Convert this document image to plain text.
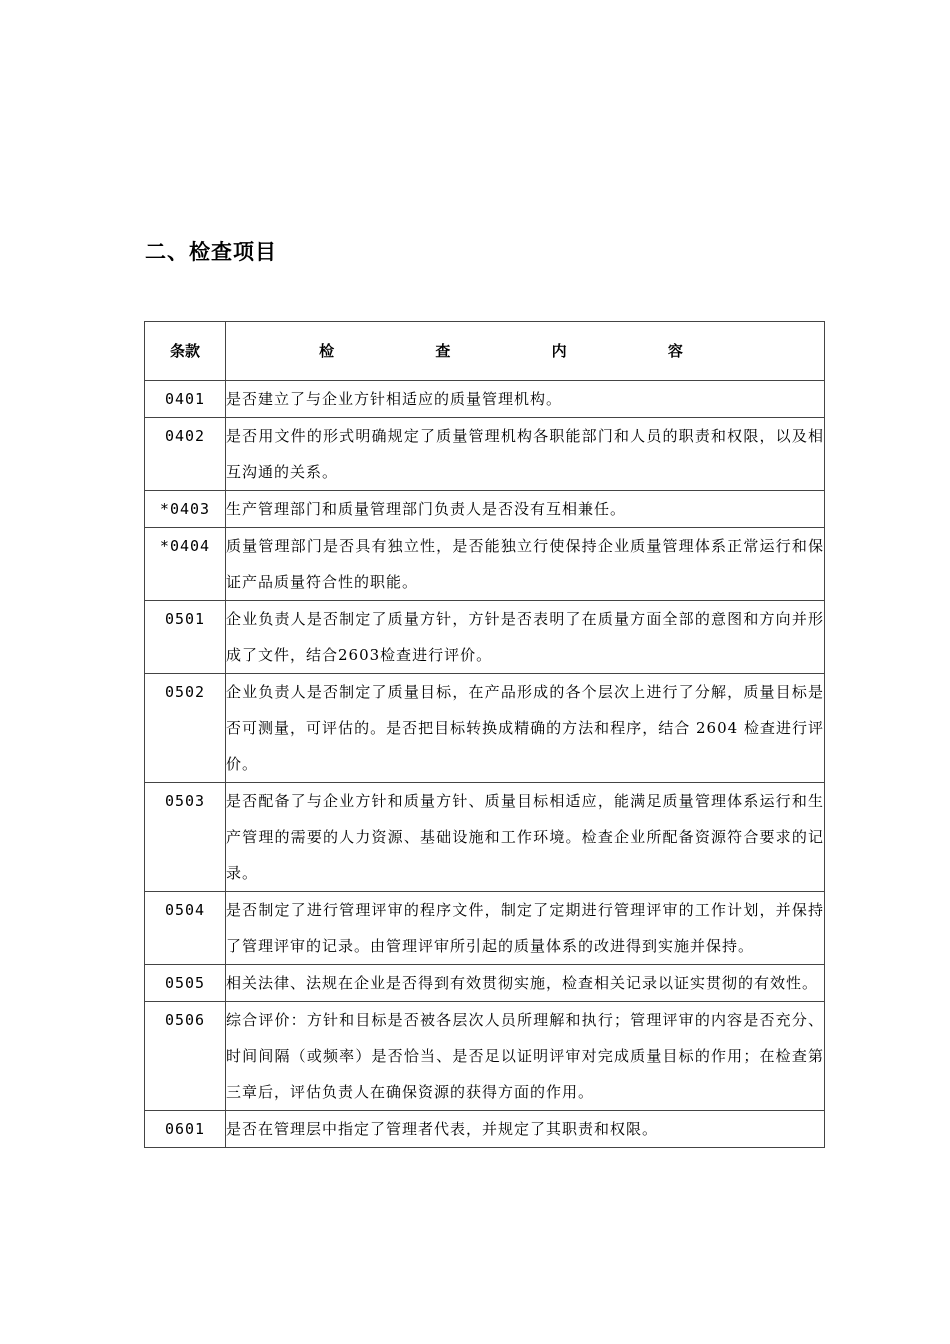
二、检查项目
条款	检 查 内 容
0401	是否建立了与企业方针相适应的质量管理机构。
0402	是否用文件的形式明确规定了质量管理机构各职能部门和人员的职责和权限，以及相互沟通的关系。
*0403	生产管理部门和质量管理部门负责人是否没有互相兼任。
*0404	质量管理部门是否具有独立性，是否能独立行使保持企业质量管理体系正常运行和保证产品质量符合性的职能。
0501	企业负责人是否制定了质量方针，方针是否表明了在质量方面全部的意图和方向并形成了文件，结合2603检查进行评价。
0502	企业负责人是否制定了质量目标，在产品形成的各个层次上进行了分解，质量目标是否可测量，可评估的。是否把目标转换成精确的方法和程序，结合 2604 检查进行评价。
0503	是否配备了与企业方针和质量方针、质量目标相适应，能满足质量管理体系运行和生产管理的需要的人力资源、基础设施和工作环境。检查企业所配备资源符合要求的记录。
0504	是否制定了进行管理评审的程序文件，制定了定期进行管理评审的工作计划，并保持了管理评审的记录。由管理评审所引起的质量体系的改进得到实施并保持。
0505	相关法律、法规在企业是否得到有效贯彻实施，检查相关记录以证实贯彻的有效性。
0506	综合评价：方针和目标是否被各层次人员所理解和执行；管理评审的内容是否充分、时间间隔（或频率）是否恰当、是否足以证明评审对完成质量目标的作用；在检查第三章后，评估负责人在确保资源的获得方面的作用。
0601	是否在管理层中指定了管理者代表，并规定了其职责和权限。
